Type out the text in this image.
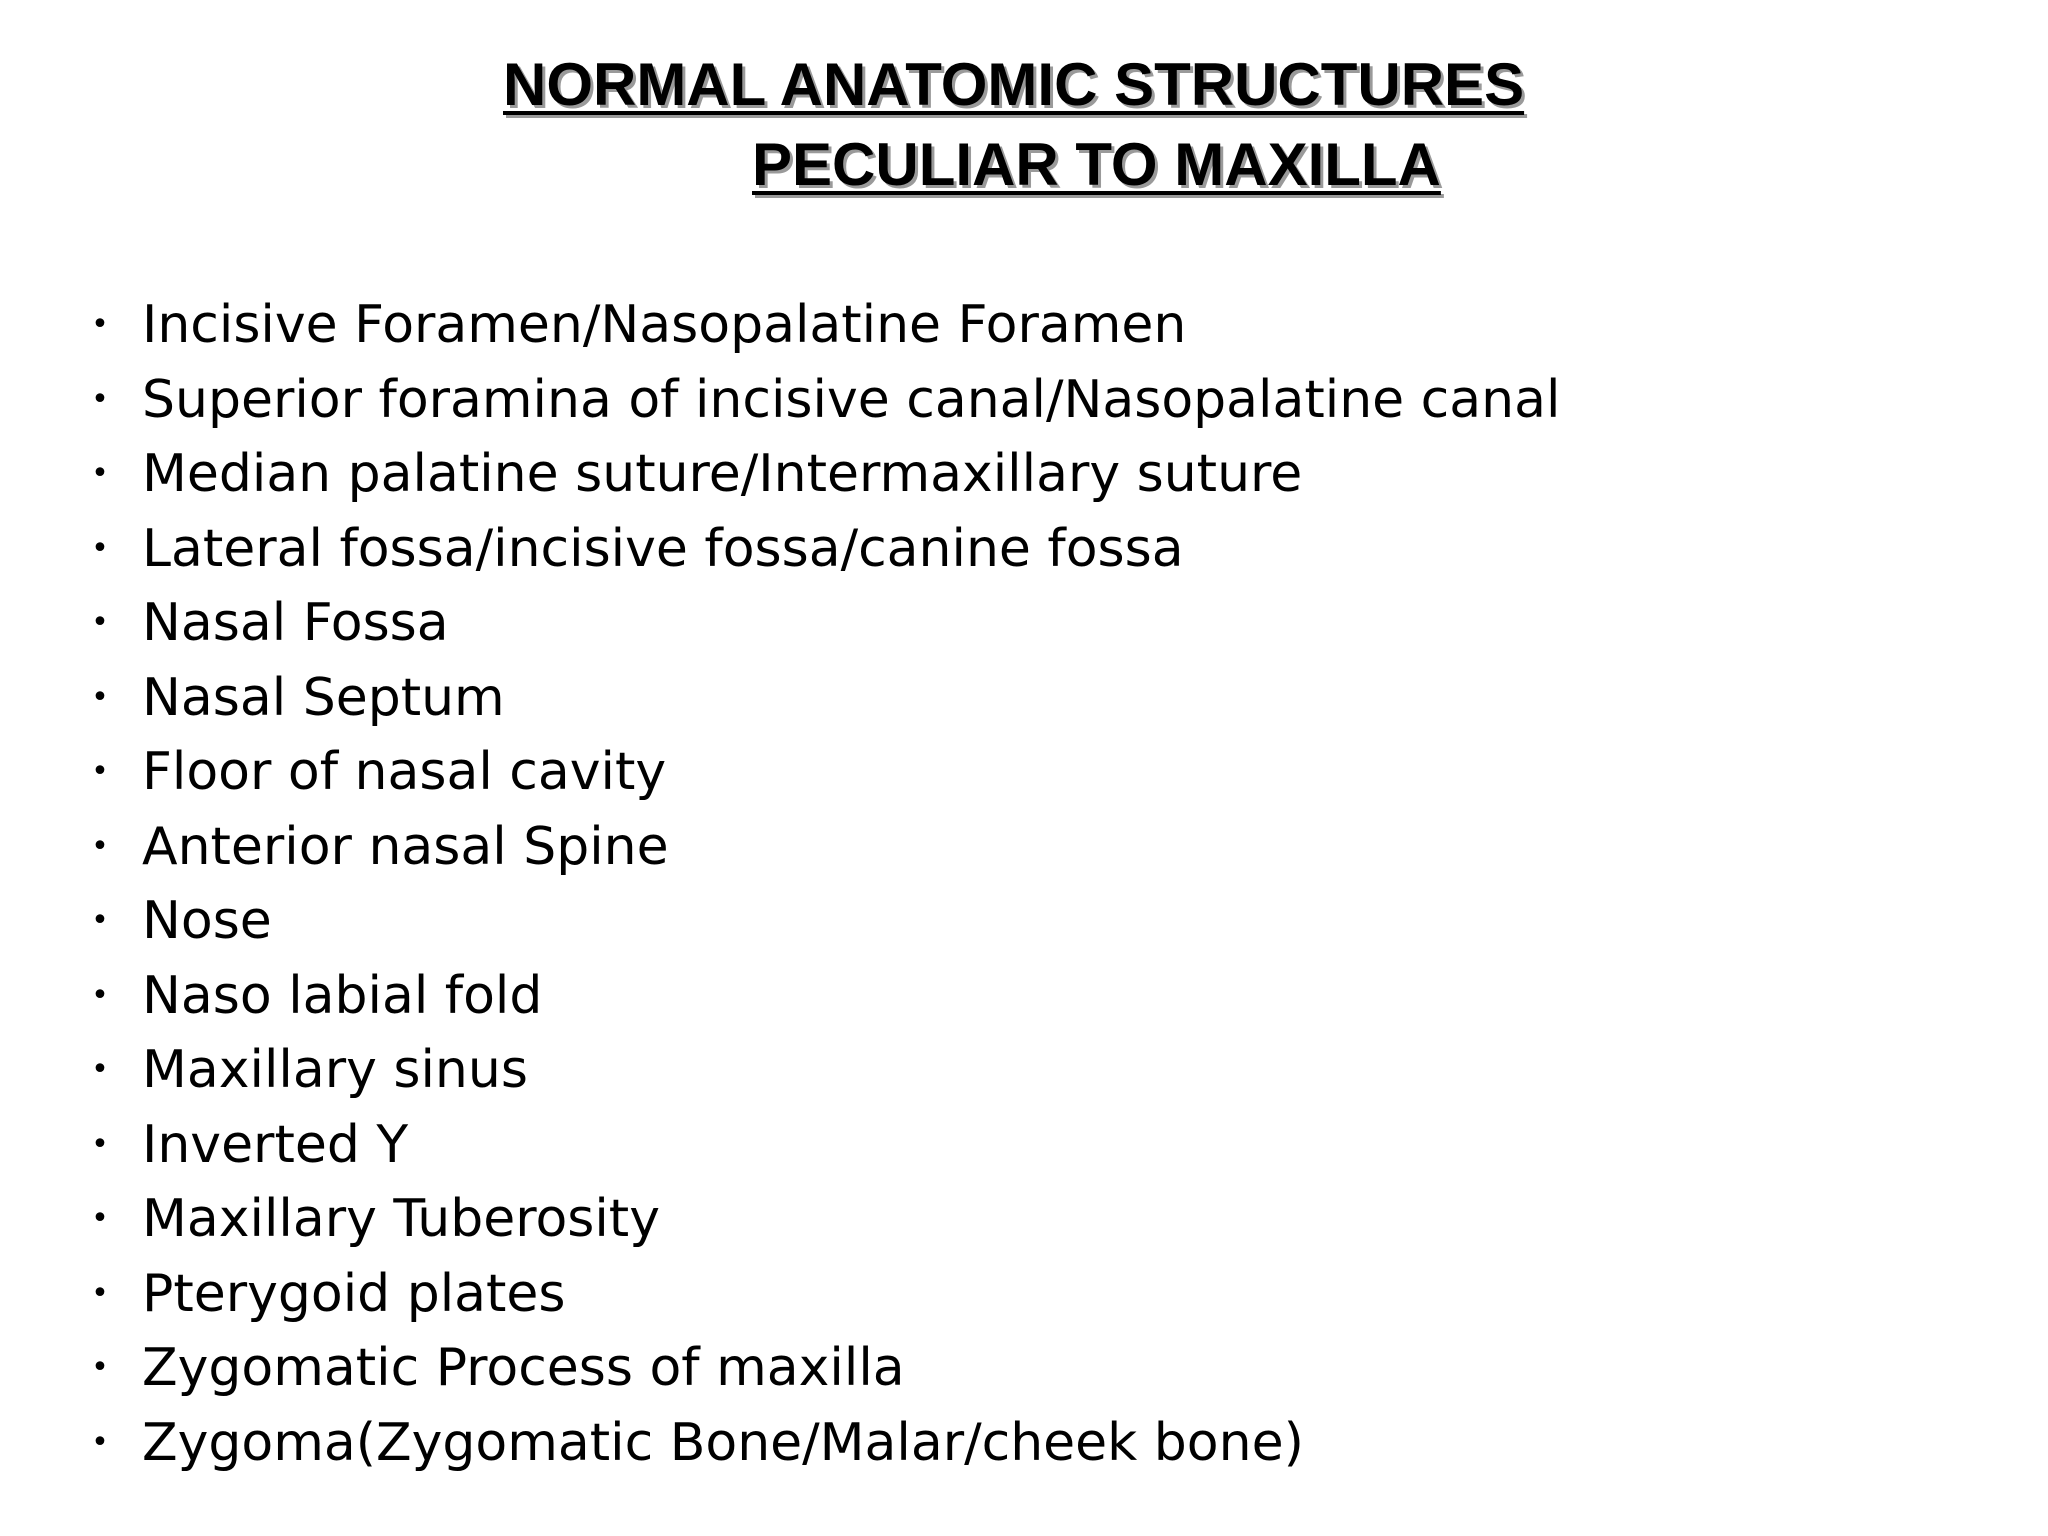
NORMAL ANATOMIC STRUCTURES
PECULIAR TO MAXILLA
• Incisive Foramen/Nasopalatine Foramen
• Superior foramina of incisive canal/Nasopalatine canal
• Median palatine suture/Intermaxillary suture
• Lateral fossa/incisive fossa/canine fossa
• Nasal Fossa
• Nasal Septum
• Floor of nasal cavity
• Anterior nasal Spine
• Nose
• Naso labial fold
• Maxillary sinus
• Inverted Y
• Maxillary Tuberosity
• Pterygoid plates
• Zygomatic Process of maxilla
• Zygoma(Zygomatic Bone/Malar/cheek bone)
